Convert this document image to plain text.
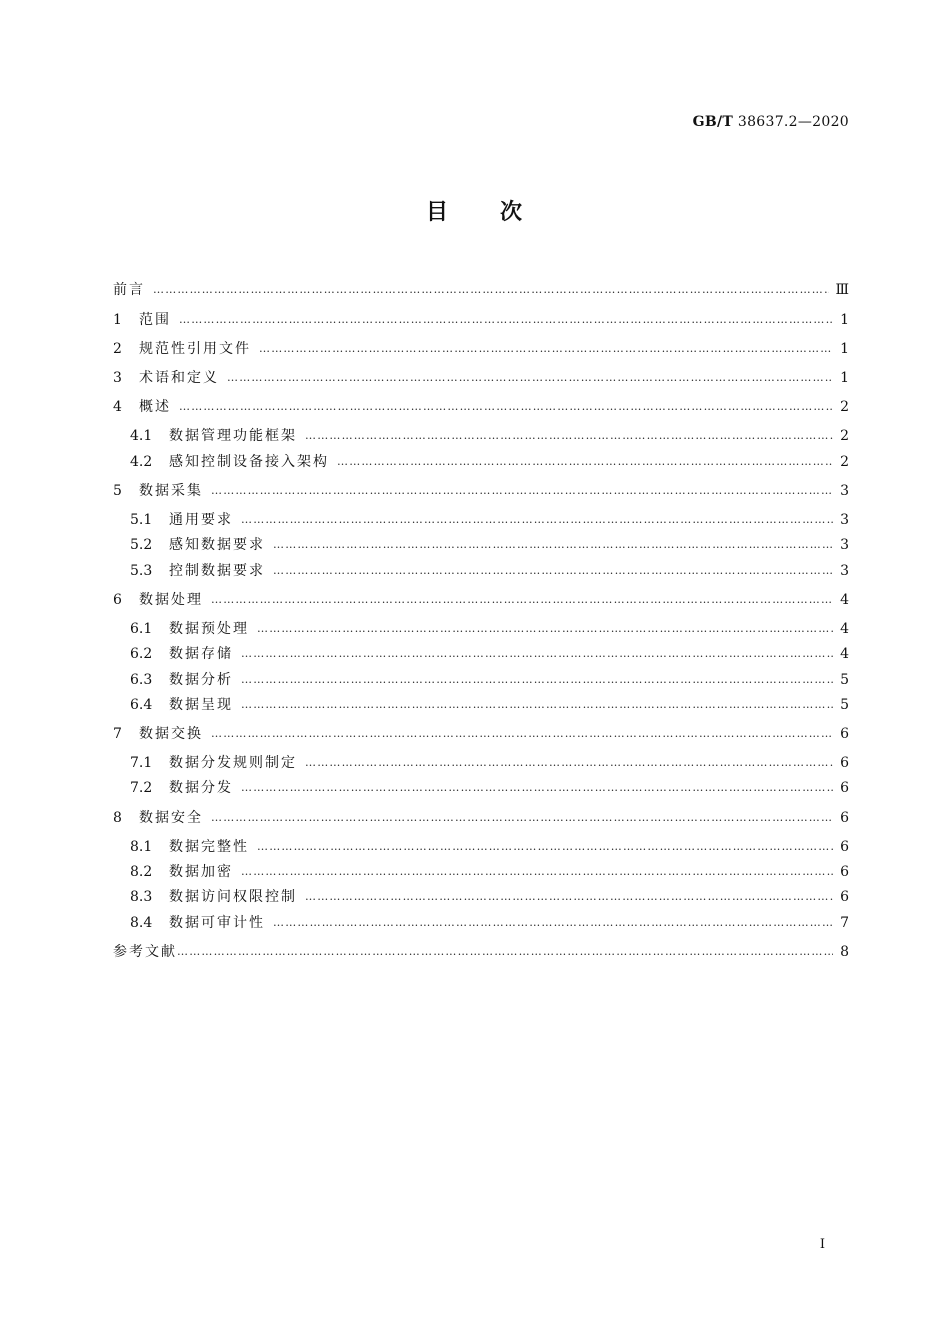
GB/T 38637.2—2020
目 次
前言 …………………………………………………………………………………………………………………………………………………………………………………………………………………………………………………	Ⅲ
1	范围 …………………………………………………………………………………………………………………………………………………………………………………………………………………………………………………	1
2	规范性引用文件 …………………………………………………………………………………………………………………………………………………………………………………………………………………………………………………	1
3	术语和定义 …………………………………………………………………………………………………………………………………………………………………………………………………………………………………………………	1
4	概述 …………………………………………………………………………………………………………………………………………………………………………………………………………………………………………………	2
4.1	数据管理功能框架 …………………………………………………………………………………………………………………………………………………………………………………………………………………………………………………	2
4.2	感知控制设备接入架构 …………………………………………………………………………………………………………………………………………………………………………………………………………………………………………………	2
5	数据采集 …………………………………………………………………………………………………………………………………………………………………………………………………………………………………………………	3
5.1	通用要求 …………………………………………………………………………………………………………………………………………………………………………………………………………………………………………………	3
5.2	感知数据要求 …………………………………………………………………………………………………………………………………………………………………………………………………………………………………………………	3
5.3	控制数据要求 …………………………………………………………………………………………………………………………………………………………………………………………………………………………………………………	3
6	数据处理 …………………………………………………………………………………………………………………………………………………………………………………………………………………………………………………	4
6.1	数据预处理 …………………………………………………………………………………………………………………………………………………………………………………………………………………………………………………	4
6.2	数据存储 …………………………………………………………………………………………………………………………………………………………………………………………………………………………………………………	4
6.3	数据分析 …………………………………………………………………………………………………………………………………………………………………………………………………………………………………………………	5
6.4	数据呈现 …………………………………………………………………………………………………………………………………………………………………………………………………………………………………………………	5
7	数据交换 …………………………………………………………………………………………………………………………………………………………………………………………………………………………………………………	6
7.1	数据分发规则制定 …………………………………………………………………………………………………………………………………………………………………………………………………………………………………………………	6
7.2	数据分发 …………………………………………………………………………………………………………………………………………………………………………………………………………………………………………………	6
8	数据安全 …………………………………………………………………………………………………………………………………………………………………………………………………………………………………………………	6
8.1	数据完整性 …………………………………………………………………………………………………………………………………………………………………………………………………………………………………………………	6
8.2	数据加密 …………………………………………………………………………………………………………………………………………………………………………………………………………………………………………………	6
8.3	数据访问权限控制 …………………………………………………………………………………………………………………………………………………………………………………………………………………………………………………	6
8.4	数据可审计性 …………………………………………………………………………………………………………………………………………………………………………………………………………………………………………………	7
参考文献 …………………………………………………………………………………………………………………………………………………………………………………………………………………………………………………	8
Ⅰ
